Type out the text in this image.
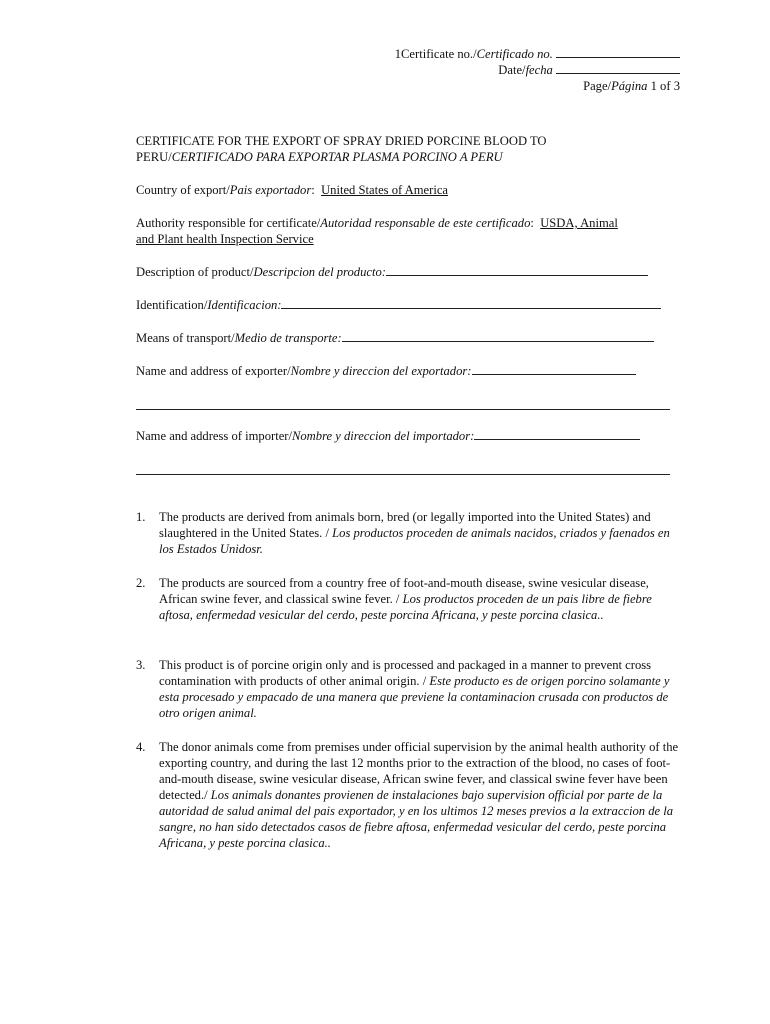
1Certificate no./Certificado no.
Date/fecha
Page/Página 1 of 3
CERTIFICATE FOR THE EXPORT OF SPRAY DRIED PORCINE BLOOD TO
PERU/CERTIFICADO PARA EXPORTAR PLASMA PORCINO A PERU
Country of export/Pais exportador:  United States of America
Authority responsible for certificate/Autoridad responsable de este certificado:  USDA, Animal
and Plant health Inspection Service
Description of product/Descripcion del producto:
Identification/Identificacion:
Means of transport/Medio de transporte:
Name and address of exporter/Nombre y direccion del exportador:
Name and address of importer/Nombre y direccion del importador:
1. The products are derived from animals born, bred (or legally imported into the United States) and slaughtered in the United States. / Los productos proceden de animals nacidos, criados y faenados en los Estados Unidosr.
2. The products are sourced from a country free of foot-and-mouth disease, swine vesicular disease, African swine fever, and classical swine fever. / Los productos proceden de un pais libre de fiebre aftosa, enfermedad vesicular del cerdo, peste porcina Africana, y peste porcina clasica..
3. This product is of porcine origin only and is processed and packaged in a manner to prevent cross contamination with products of other animal origin. / Este producto es de origen porcino solamante y esta procesado y empacado de una manera que previene la contaminacion crusada con productos de otro origen animal.
4. The donor animals come from premises under official supervision by the animal health authority of the exporting country, and during the last 12 months prior to the extraction of the blood, no cases of foot-and-mouth disease, swine vesicular disease, African swine fever, and classical swine fever have been detected./ Los animals donantes provienen de instalaciones bajo supervision official por parte de la autoridad de salud animal del pais exportador, y en los ultimos 12 meses previos a la extraccion de la sangre, no han sido detectados casos de fiebre aftosa, enfermedad vesicular del cerdo, peste porcina Africana, y peste porcina clasica..
